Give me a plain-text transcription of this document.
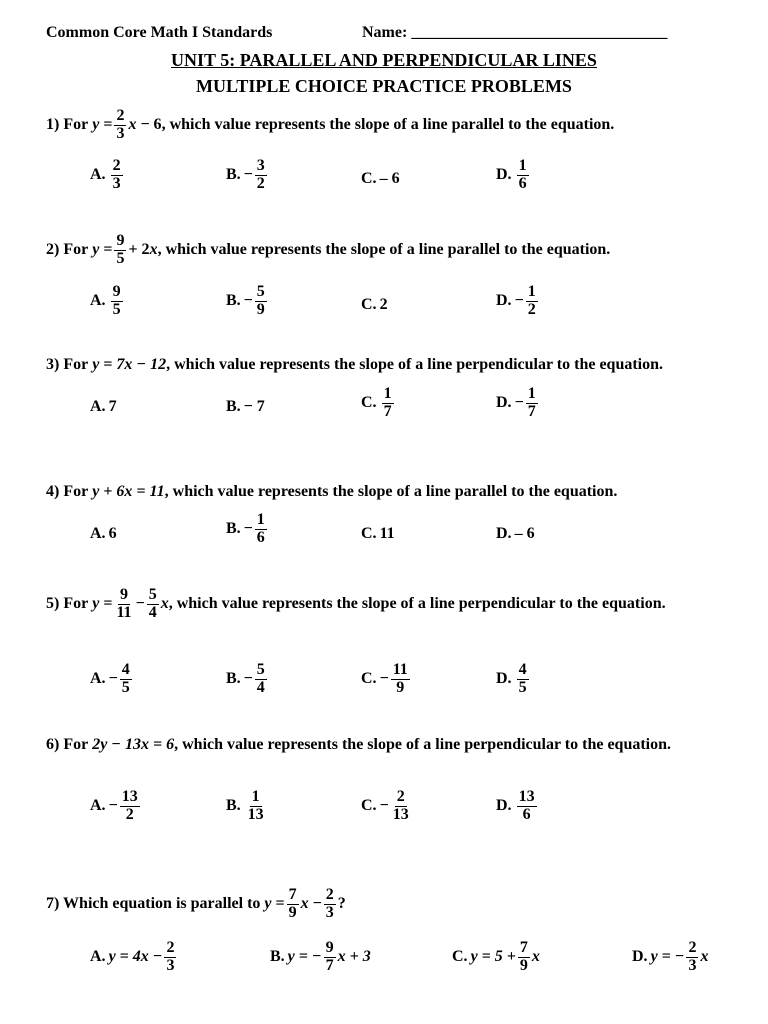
Common Core Math I Standards	Name: ________________________________
UNIT 5: PARALLEL AND PERPENDICULAR LINES
MULTIPLE CHOICE PRACTICE PROBLEMS
1) For $y = \frac{2}{3}$ x − 6 , which value represents the slope of a line parallel to the equation.
A. $\frac{2}{3}$	B. − $\frac{3}{2}$	C. – 6	D. $\frac{1}{6}$
2) For $y = \frac{9}{5} + 2$ x , which value represents the slope of a line parallel to the equation.
A. $\frac{9}{5}$	B. − $\frac{5}{9}$	C. 2	D. − $\frac{1}{2}$
3) For y = 7x − 12 , which value represents the slope of a line perpendicular to the equation.
A. 7	B. − 7	C. $\frac{1}{7}$	D. − $\frac{1}{7}$
4) For y + 6x = 11 , which value represents the slope of a line parallel to the equation.
A. 6	B. − $\frac{1}{6}$	C. 11	D. – 6
5) For $y = \frac{9}{11} - \frac{5}{4}$ x , which value represents the slope of a line perpendicular to the equation.
A. − $\frac{4}{5}$	B. − $\frac{5}{4}$	C. − $\frac{11}{9}$	D. $\frac{4}{5}$
6) For 2y − 13x = 6 , which value represents the slope of a line perpendicular to the equation.
A. − $\frac{13}{2}$	B. $\frac{1}{13}$	C. − $\frac{2}{13}$	D. $\frac{13}{6}$
7) Which equation is parallel to $y = \frac{7}{9}$ $x - \frac{2}{3}$ ?
A. $y = 4x - \frac{2}{3}$	B. y = − $\frac{9}{7}$ x + 3	C. $y = 5 + \frac{7}{9}$ x	D. y = − $\frac{2}{3}$ x
